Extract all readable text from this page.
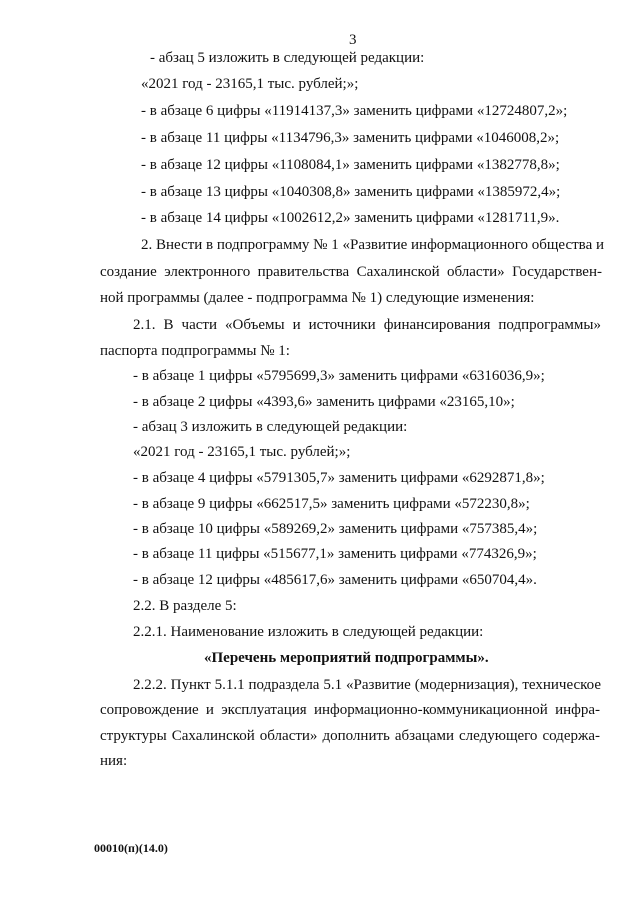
3
- абзац 5 изложить в следующей редакции:
«2021 год - 23165,1 тыс. рублей;»;
- в абзаце 6 цифры «11914137,3» заменить цифрами «12724807,2»;
- в абзаце 11 цифры «1134796,3» заменить цифрами «1046008,2»;
- в абзаце 12 цифры «1108084,1» заменить цифрами «1382778,8»;
- в абзаце 13 цифры «1040308,8» заменить цифрами «1385972,4»;
- в абзаце 14 цифры «1002612,2» заменить цифрами «1281711,9».
2. Внести в подпрограмму № 1 «Развитие информационного общества и
создание электронного правительства Сахалинской области» Государствен-
ной программы (далее - подпрограмма № 1) следующие изменения:
2.1. В части «Объемы и источники финансирования подпрограммы»
паспорта подпрограммы № 1:
- в абзаце 1 цифры «5795699,3» заменить цифрами «6316036,9»;
- в абзаце 2 цифры «4393,6» заменить цифрами «23165,10»;
- абзац 3 изложить в следующей редакции:
«2021 год - 23165,1 тыс. рублей;»;
- в абзаце 4 цифры «5791305,7» заменить цифрами «6292871,8»;
- в абзаце 9 цифры «662517,5» заменить цифрами «572230,8»;
- в абзаце 10 цифры «589269,2» заменить цифрами «757385,4»;
- в абзаце 11 цифры «515677,1» заменить цифрами «774326,9»;
- в абзаце 12 цифры «485617,6» заменить цифрами «650704,4».
2.2. В разделе 5:
2.2.1. Наименование изложить в следующей редакции:
«Перечень мероприятий подпрограммы».
2.2.2. Пункт 5.1.1 подраздела 5.1 «Развитие (модернизация), техническое
сопровождение и эксплуатация информационно-коммуникационной инфра-
структуры Сахалинской области» дополнить абзацами следующего содержа-
ния:
00010(п)(14.0)
